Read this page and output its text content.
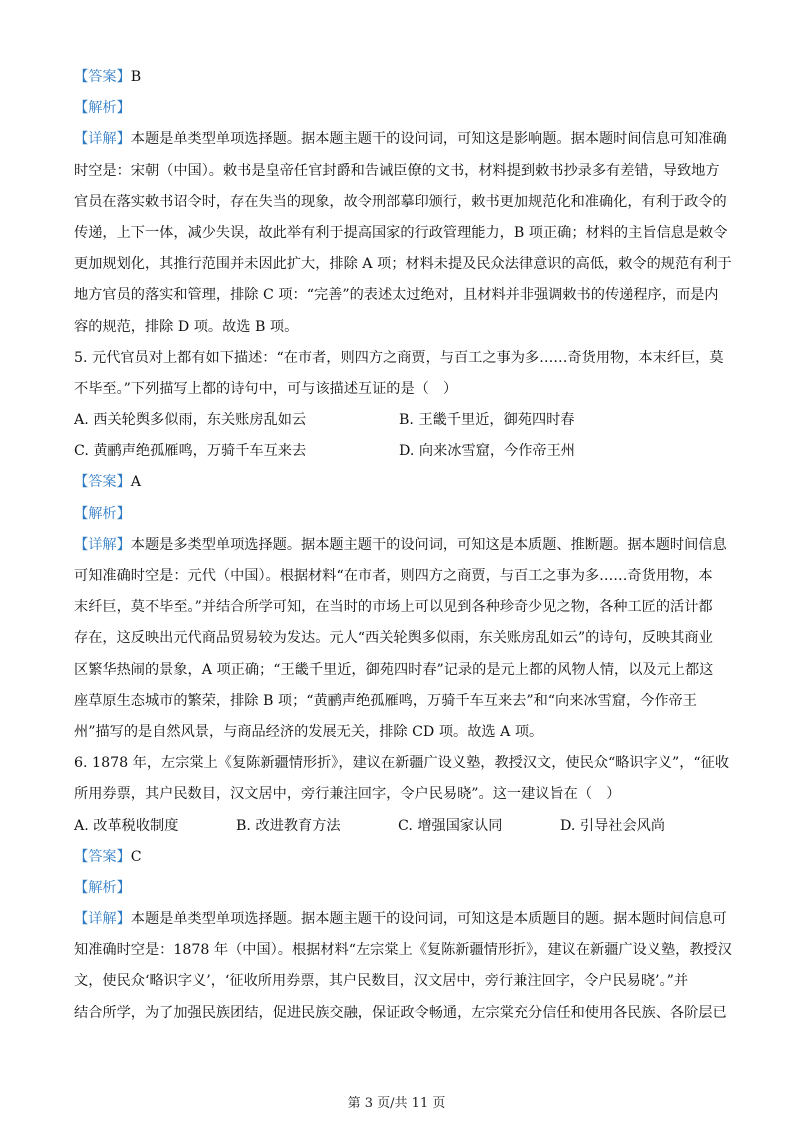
【答案】B
【解析】
【详解】本题是单类型单项选择题。据本题主题干的设问词，可知这是影响题。据本题时间信息可知准确
时空是：宋朝（中国）。敕书是皇帝任官封爵和告诫臣僚的文书，材料提到敕书抄录多有差错，导致地方
官员在落实敕书诏令时，存在失当的现象，故令刑部摹印颁行，敕书更加规范化和准确化，有利于政令的
传递，上下一体，减少失误，故此举有利于提高国家的行政管理能力，B 项正确；材料的主旨信息是敕令
更加规划化，其推行范围并未因此扩大，排除 A 项；材料未提及民众法律意识的高低，敕令的规范有利于
地方官员的落实和管理，排除 C 项：“完善”的表述太过绝对，且材料并非强调敕书的传递程序，而是内
容的规范，排除 D 项。故选 B 项。
5. 元代官员对上都有如下描述：“在市者，则四方之商贾，与百工之事为多……奇货用物，本末纤巨，莫
不毕至。”下列描写上都的诗句中，可与该描述互证的是（　）
A. 西关轮舆多似雨，东关账房乱如云	B. 王畿千里近，御苑四时春
C. 黄鹂声绝孤雁鸣，万骑千车互来去	D. 向来冰雪窟，今作帝王州
【答案】A
【解析】
【详解】本题是多类型单项选择题。据本题主题干的设问词，可知这是本质题、推断题。据本题时间信息
可知准确时空是：元代（中国）。根据材料“在市者，则四方之商贾，与百工之事为多……奇货用物，本
末纤巨，莫不毕至。”并结合所学可知，在当时的市场上可以见到各种珍奇少见之物，各种工匠的活计都
存在，这反映出元代商品贸易较为发达。元人“西关轮舆多似雨，东关账房乱如云”的诗句，反映其商业
区繁华热闹的景象，A 项正确；“王畿千里近，御苑四时春”记录的是元上都的风物人情，以及元上都这
座草原生态城市的繁荣，排除 B 项；“黄鹂声绝孤雁鸣，万骑千车互来去”和“向来冰雪窟，今作帝王
州”描写的是自然风景，与商品经济的发展无关，排除 CD 项。故选 A 项。
6. 1878 年，左宗棠上《复陈新疆情形折》，建议在新疆广设义塾，教授汉文，使民众“略识字义”，“征收
所用券票，其户民数目，汉文居中，旁行兼注回字，令户民易晓”。这一建议旨在（　）
A. 改革税收制度	B. 改进教育方法	C. 增强国家认同	D. 引导社会风尚
【答案】C
【解析】
【详解】本题是单类型单项选择题。据本题主题干的设问词，可知这是本质题目的题。据本题时间信息可
知准确时空是：1878 年（中国）。根据材料“左宗棠上《复陈新疆情形折》，建议在新疆广设义塾，教授汉
文，使民众‘略识字义’，‘征收所用券票，其户民数目，汉文居中，旁行兼注回字，令户民易晓’。”并
结合所学，为了加强民族团结，促进民族交融，保证政令畅通，左宗棠充分信任和使用各民族、各阶层已
第 3 页/共 11 页
